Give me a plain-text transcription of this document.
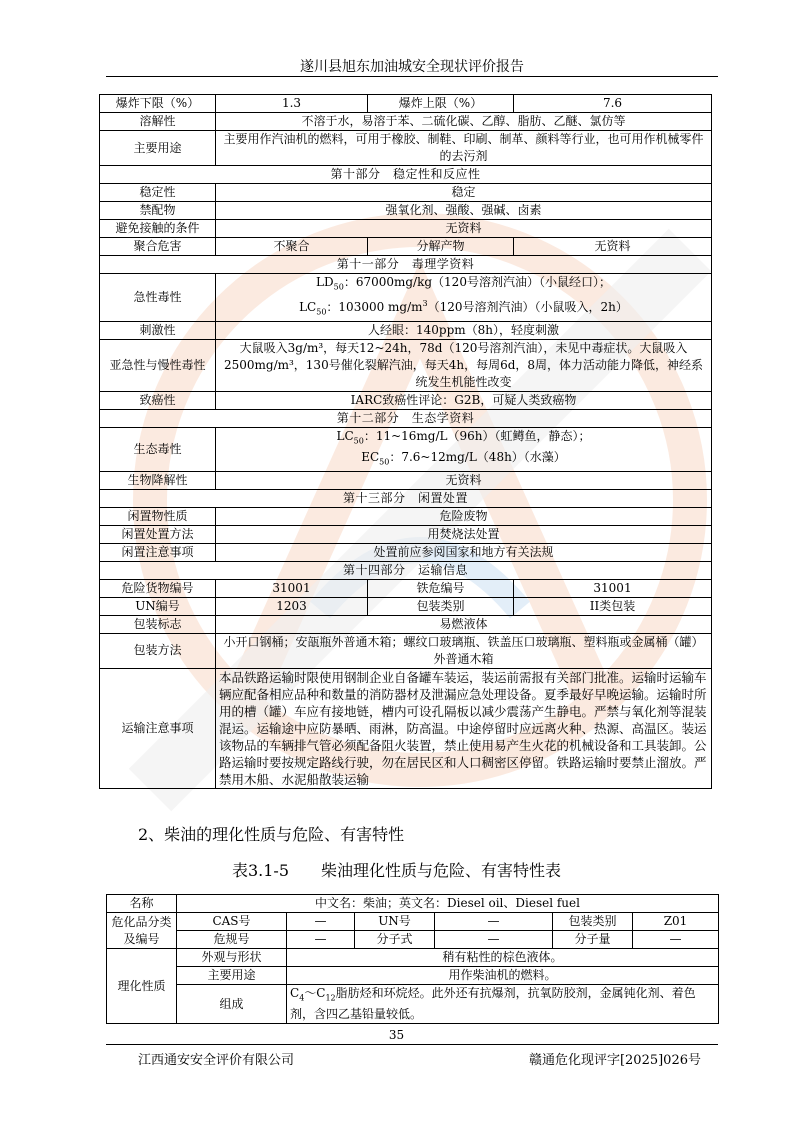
遂川县旭东加油城安全现状评价报告
爆炸下限（%）	1.3	爆炸上限（%）	7.6
溶解性	不溶于水，易溶于苯、二硫化碳、乙醇、脂肪、乙醚、氯仿等		
主要用途	主要用作汽油机的燃料，可用于橡胶、制鞋、印刷、制革、颜料等行业，也可用作机械零件的去污剂		
第十部分　稳定性和反应性			
稳定性	稳定		
禁配物	强氧化剂、强酸、强碱、卤素		
避免接触的条件	无资料		
聚合危害	不聚合	分解产物	无资料
第十一部分　毒理学资料			
急性毒性	$LD_{50}$：67000mg/kg（120号溶剂汽油）（小鼠经口）；
$LC_{50}$：103000 $mg/m^3(120$号溶剂汽油）（小鼠吸入，2h）		
刺激性	人经眼：140ppm（8h），轻度刺激		
亚急性与慢性毒性	大鼠吸入3g/m³，每天12~24h，78d（120号溶剂汽油），未见中毒症状。大鼠吸入2500mg/m³，130号催化裂解汽油，每天4h，每周6d，8周，体力活动能力降低，神经系统发生机能性改变		
致癌性	IARC致癌性评论：G2B，可疑人类致癌物		
第十二部分　生态学资料			
生态毒性	$LC_{50}$：11~16mg/L（96h）（虹鳟鱼，静态）；
$EC_{50}$：7.6~12mg/L（48h）（水藻）		
生物降解性	无资料		
第十三部分　闲置处置			
闲置物性质	危险废物		
闲置处置方法	用焚烧法处置		
闲置注意事项	处置前应参阅国家和地方有关法规		
第十四部分　运输信息			
危险货物编号	31001	铁危编号	31001
UN编号	1203	包装类别	II类包装
包装标志	易燃液体		
包装方法	小开口钢桶；安瓿瓶外普通木箱；螺纹口玻璃瓶、铁盖压口玻璃瓶、塑料瓶或金属桶（罐）外普通木箱		
运输注意事项	本品铁路运输时限使用钢制企业自备罐车装运，装运前需报有关部门批准。运输时运输车辆应配备相应品种和数量的消防器材及泄漏应急处理设备。夏季最好早晚运输。运输时所用的槽（罐）车应有接地链，槽内可设孔隔板以减少震荡产生静电。严禁与氧化剂等混装混运。运输途中应防暴晒、雨淋，防高温。中途停留时应远离火种、热源、高温区。装运该物品的车辆排气管必须配备阻火装置，禁止使用易产生火花的机械设备和工具装卸。公路运输时要按规定路线行驶，勿在居民区和人口稠密区停留。铁路运输时要禁止溜放。严禁用木船、水泥船散装运输		
2、柴油的理化性质与危险、有害特性
表3.1-5　　柴油理化性质与危险、有害特性表
名称	中文名：柴油；英文名：Diesel oil、Diesel fuel					
危化品分类及编号	CAS号	—	UN号	—	包装类别	Z01
	危规号	—	分子式	—	分子量	—
理化性质	外观与形状	稍有粘性的棕色液体。				
	主要用途	用作柴油机的燃料。				
	组成	$C_4\sim C_{12}$脂肪烃和环烷烃。此外还有抗爆剂，抗氧防胶剂，金属钝化剂、着色剂，含四乙基铅量较低。				
35
江西通安安全评价有限公司	赣通危化现评字[2025]026号
